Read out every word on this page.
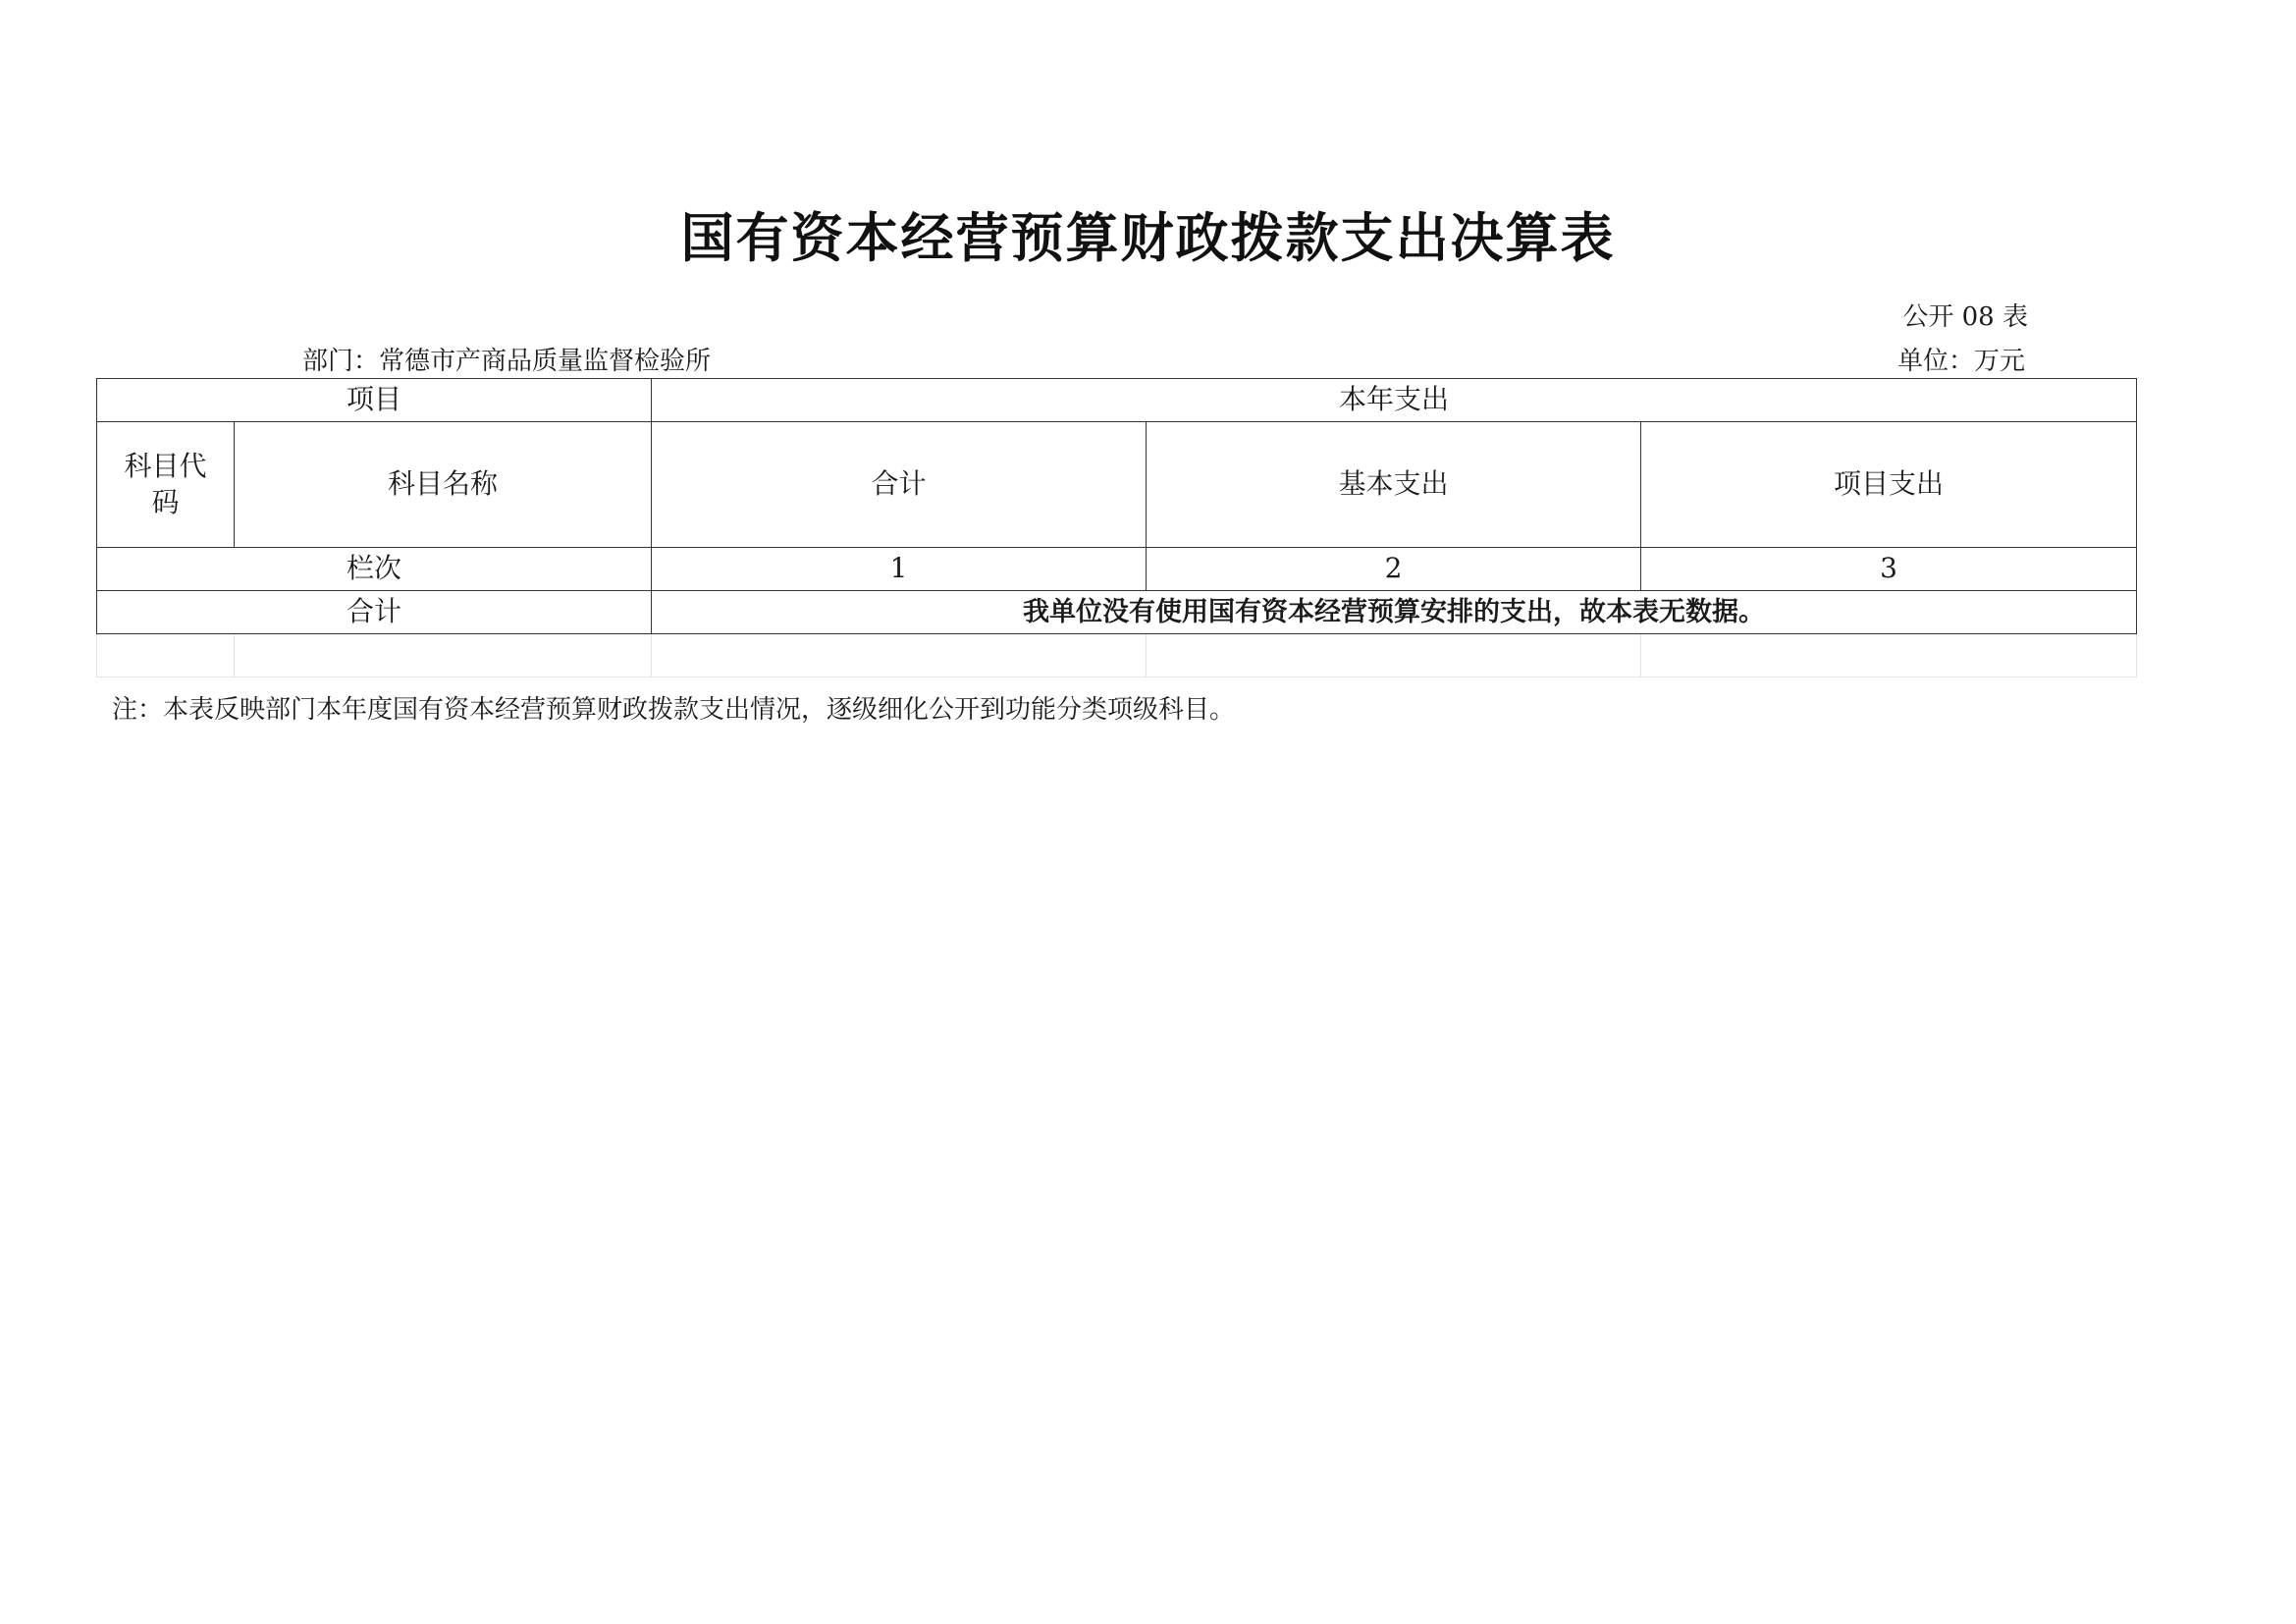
国有资本经营预算财政拨款支出决算表
公开 08 表
部门：常德市产商品质量监督检验所	单位：万元
项目		本年支出		
科目代码	科目名称	合计	基本支出	项目支出
栏次		1	2	3
合计		我单位没有使用国有资本经营预算安排的支出，故本表无数据。		

注：本表反映部门本年度国有资本经营预算财政拨款支出情况，逐级细化公开到功能分类项级科目。
